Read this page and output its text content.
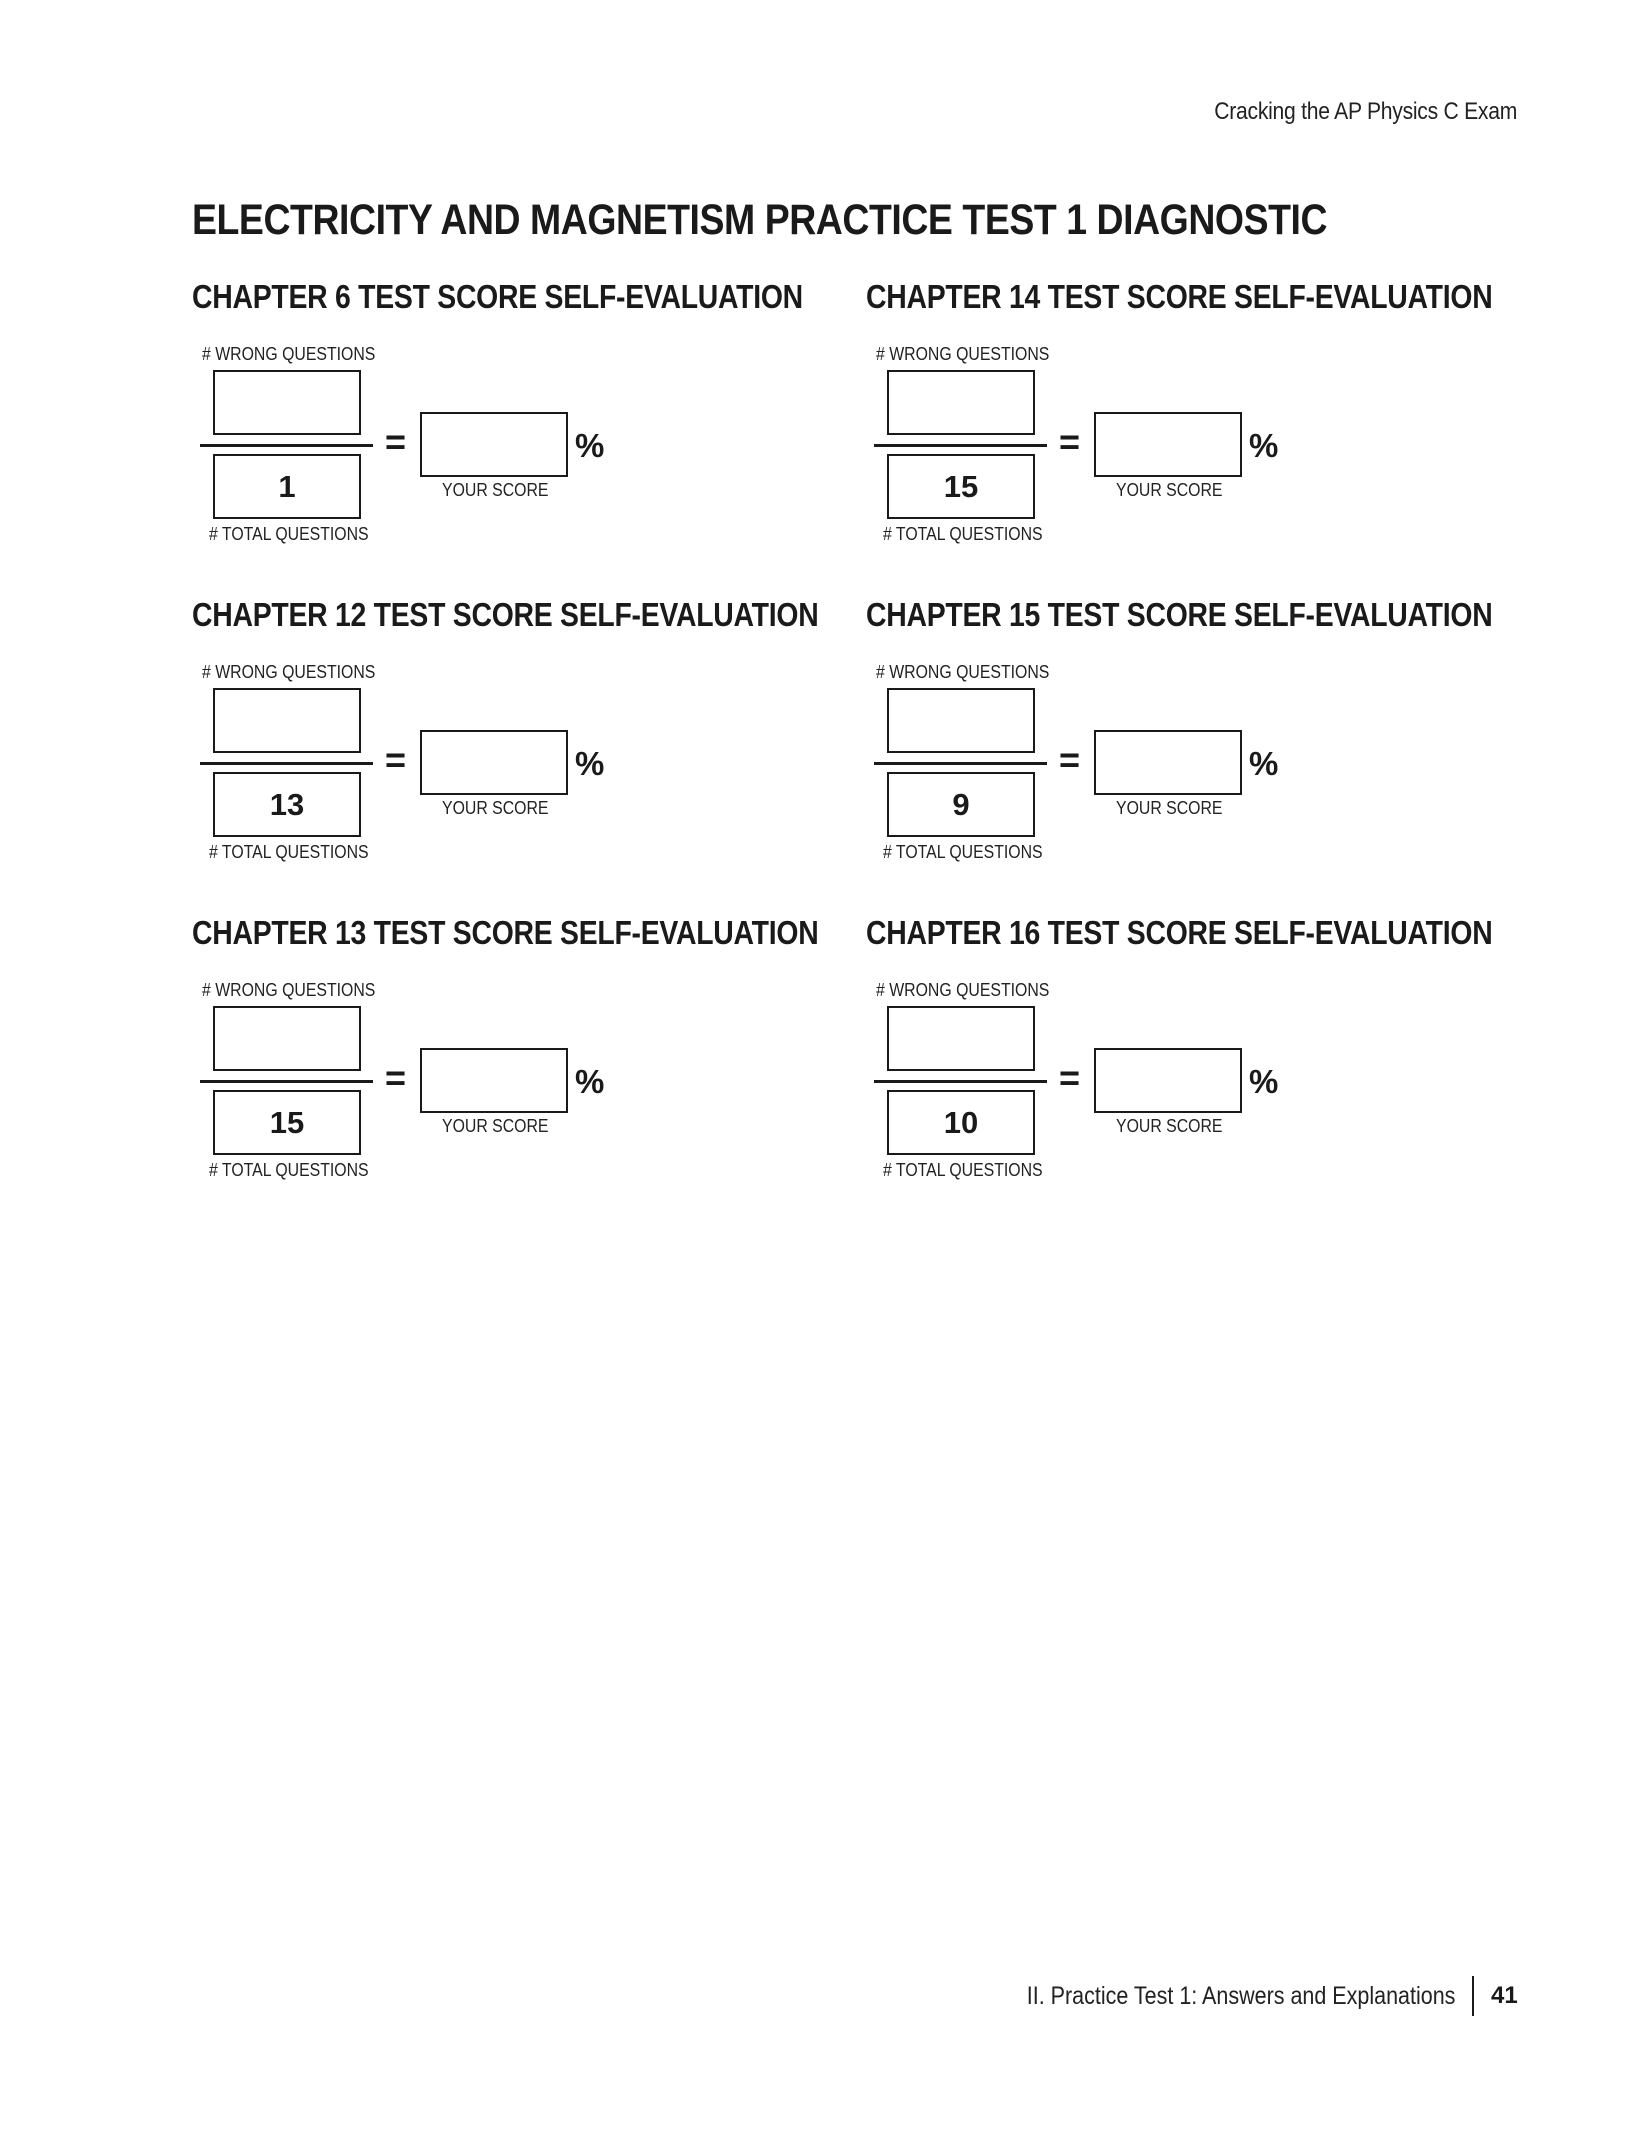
Cracking the AP Physics C Exam
ELECTRICITY AND MAGNETISM PRACTICE TEST 1 DIAGNOSTIC
CHAPTER 6 TEST SCORE SELF-EVALUATION
# WRONG QUESTIONS
1
# TOTAL QUESTIONS
=	%
YOUR SCORE
CHAPTER 14 TEST SCORE SELF-EVALUATION
# WRONG QUESTIONS
15
# TOTAL QUESTIONS
=	%
YOUR SCORE
CHAPTER 12 TEST SCORE SELF-EVALUATION
# WRONG QUESTIONS
13
# TOTAL QUESTIONS
=	%
YOUR SCORE
CHAPTER 15 TEST SCORE SELF-EVALUATION
# WRONG QUESTIONS
9
# TOTAL QUESTIONS
=	%
YOUR SCORE
CHAPTER 13 TEST SCORE SELF-EVALUATION
# WRONG QUESTIONS
15
# TOTAL QUESTIONS
=	%
YOUR SCORE
CHAPTER 16 TEST SCORE SELF-EVALUATION
# WRONG QUESTIONS
10
# TOTAL QUESTIONS
=	%
YOUR SCORE
II. Practice Test 1: Answers and Explanations 41
